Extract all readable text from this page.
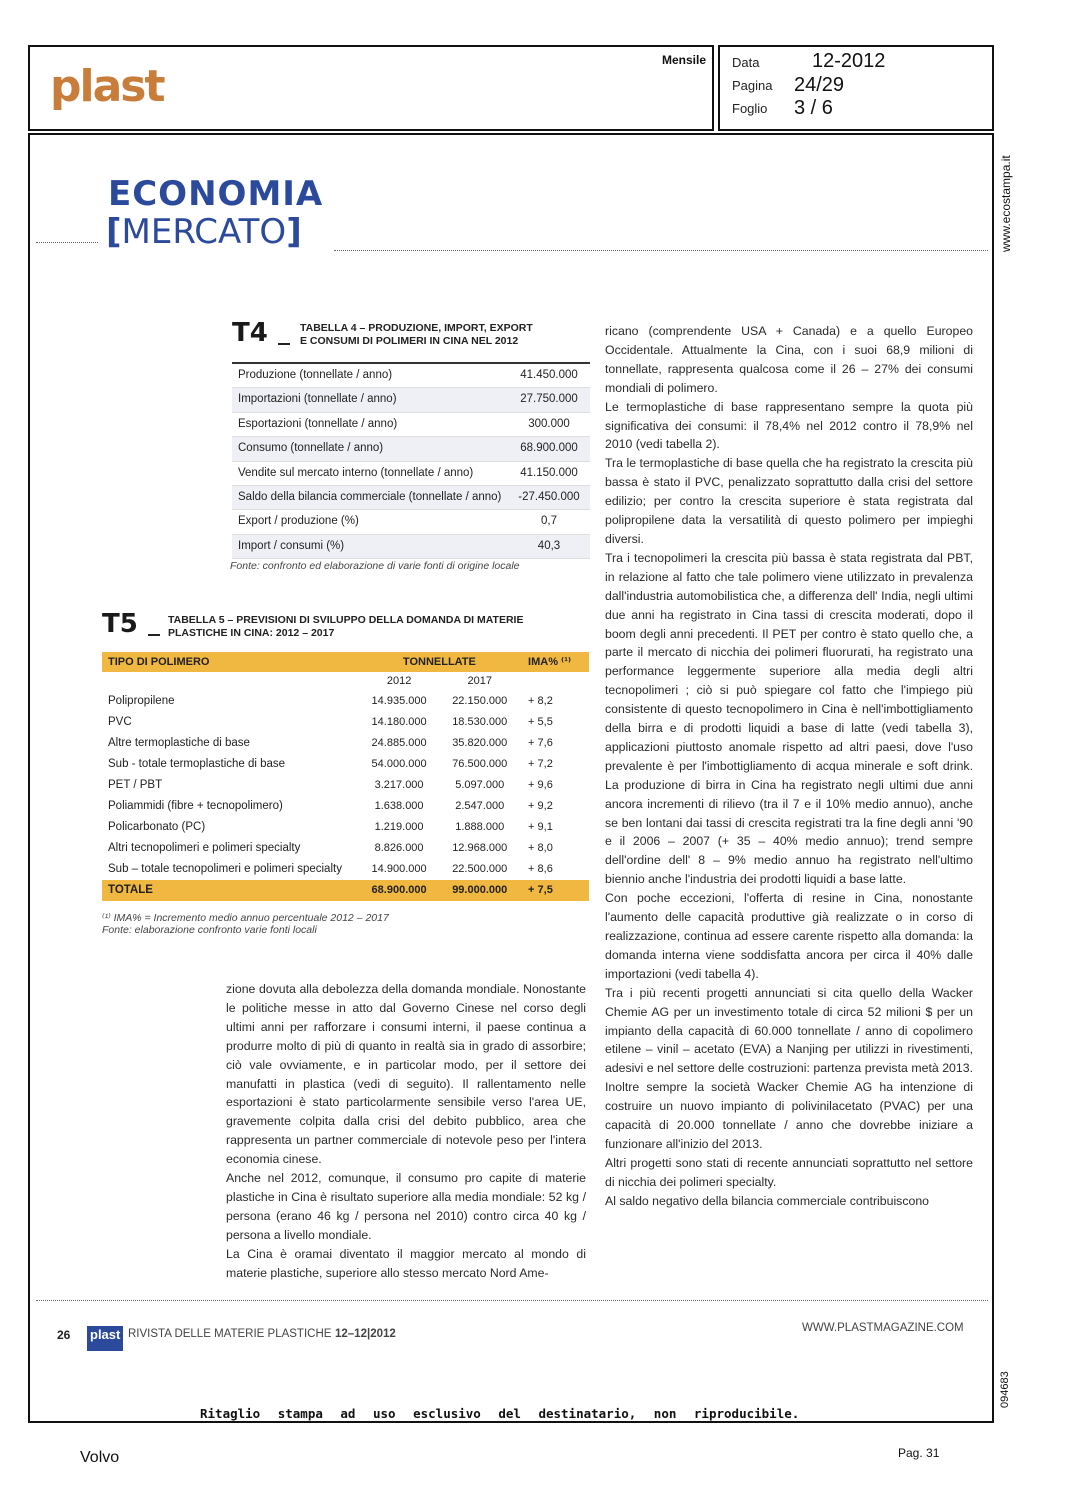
plast
Mensile Data	12-2012
Pagina 24/29
Foglio 3 / 6
www.ecostampa.it
094683
ECONOMIA
[MERCATO]
T4	TABELLA 4 – PRODUZIONE, IMPORT, EXPORT
E CONSUMI DI POLIMERI IN CINA NEL 2012
Produzione (tonnellate / anno)	41.450.000
Importazioni (tonnellate / anno)	27.750.000
Esportazioni (tonnellate / anno)	300.000
Consumo (tonnellate / anno)	68.900.000
Vendite sul mercato interno (tonnellate / anno)	41.150.000
Saldo della bilancia commerciale (tonnellate / anno)	-27.450.000
Export / produzione (%)	0,7
Import / consumi (%)	40,3
Fonte: confronto ed elaborazione di varie fonti di origine locale
T5	TABELLA 5 – PREVISIONI DI SVILUPPO DELLA DOMANDA DI MATERIE
PLASTICHE IN CINA: 2012 – 2017
TIPO DI POLIMERO	TONNELLATE	IMA% ⁽¹⁾
2012	2017
Polipropilene	14.935.000	22.150.000	+ 8,2
PVC	14.180.000	18.530.000	+ 5,5
Altre termoplastiche di base	24.885.000	35.820.000	+ 7,6
Sub - totale termoplastiche di base	54.000.000	76.500.000	+ 7,2
PET / PBT	3.217.000	5.097.000	+ 9,6
Poliammidi (fibre + tecnopolimero)	1.638.000	2.547.000	+ 9,2
Policarbonato (PC)	1.219.000	1.888.000	+ 9,1
Altri tecnopolimeri e polimeri specialty	8.826.000	12.968.000	+ 8,0
Sub – totale tecnopolimeri e polimeri specialty	14.900.000	22.500.000	+ 8,6
TOTALE	68.900.000	99.000.000	+ 7,5
⁽¹⁾ IMA% = Incremento medio annuo percentuale 2012 – 2017
Fonte: elaborazione confronto varie fonti locali

zione dovuta alla debolezza della domanda mondiale. Nonostante le politiche messe in atto dal Governo Cinese nel corso degli ultimi anni per rafforzare i consumi interni, il paese continua a produrre molto di più di quanto in realtà sia in grado di assorbire; ciò vale ovviamente, e in particolar modo, per il settore dei manufatti in plastica (vedi di seguito). Il rallentamento nelle esportazioni è stato particolarmente sensibile verso l'area UE, gravemente colpita dalla crisi del debito pubblico, area che rappresenta un partner commerciale di notevole peso per l'intera economia cinese.

Anche nel 2012, comunque, il consumo pro capite di materie plastiche in Cina è risultato superiore alla media mondiale: 52 kg / persona (erano 46 kg / persona nel 2010) contro circa 40 kg / persona a livello mondiale.

La Cina è oramai diventato il maggior mercato al mondo di materie plastiche, superiore allo stesso mercato Nord Ame-

ricano (comprendente USA + Canada) e a quello Europeo Occidentale. Attualmente la Cina, con i suoi 68,9 milioni di tonnellate, rappresenta qualcosa come il 26 – 27% dei consumi mondiali di polimero.

Le termoplastiche di base rappresentano sempre la quota più significativa dei consumi: il 78,4% nel 2012 contro il 78,9% nel 2010 (vedi tabella 2).

Tra le termoplastiche di base quella che ha registrato la crescita più bassa è stato il PVC, penalizzato soprattutto dalla crisi del settore edilizio; per contro la crescita superiore è stata registrata dal polipropilene data la versatilità di questo polimero per impieghi diversi.

Tra i tecnopolimeri la crescita più bassa è stata registrata dal PBT, in relazione al fatto che tale polimero viene utilizzato in prevalenza dall'industria automobilistica che, a differenza dell' India, negli ultimi due anni ha registrato in Cina tassi di crescita moderati, dopo il boom degli anni precedenti. Il PET per contro è stato quello che, a parte il mercato di nicchia dei polimeri fluorurati, ha registrato una performance leggermente superiore alla media degli altri tecnopolimeri ; ciò si può spiegare col fatto che l'impiego più consistente di questo tecnopolimero in Cina è nell'imbottigliamento della birra e di prodotti liquidi a base di latte (vedi tabella 3), applicazioni piuttosto anomale rispetto ad altri paesi, dove l'uso prevalente è per l'imbottigliamento di acqua minerale e soft drink. La produzione di birra in Cina ha registrato negli ultimi due anni ancora incrementi di rilievo (tra il 7 e il 10% medio annuo), anche se ben lontani dai tassi di crescita registrati tra la fine degli anni '90 e il 2006 – 2007 (+ 35 – 40% medio annuo); trend sempre dell'ordine dell' 8 – 9% medio annuo ha registrato nell'ultimo biennio anche l'industria dei prodotti liquidi a base latte.

Con poche eccezioni, l'offerta di resine in Cina, nonostante l'aumento delle capacità produttive già realizzate o in corso di realizzazione, continua ad essere carente rispetto alla domanda: la domanda interna viene soddisfatta ancora per circa il 40% dalle importazioni (vedi tabella 4).

Tra i più recenti progetti annunciati si cita quello della Wacker Chemie AG per un investimento totale di circa 52 milioni $ per un impianto della capacità di 60.000 tonnellate / anno di copolimero etilene – vinil – acetato (EVA) a Nanjing per utilizzi in rivestimenti, adesivi e nel settore delle costruzioni: partenza prevista metà 2013. Inoltre sempre la società Wacker Chemie AG ha intenzione di costruire un nuovo impianto di polivinilacetato (PVAC) per una capacità di 20.000 tonnellate / anno che dovrebbe iniziare a funzionare all'inizio del 2013.

Altri progetti sono stati di recente annunciati soprattutto nel settore di nicchia dei polimeri specialty.

Al saldo negativo della bilancia commerciale contribuiscono

26 plast RIVISTA DELLE MATERIE PLASTICHE 12–12|2012	WWW.PLASTMAGAZINE.COM
Ritaglio stampa ad uso esclusivo del destinatario, non riproducibile.
Volvo	Pag. 31
